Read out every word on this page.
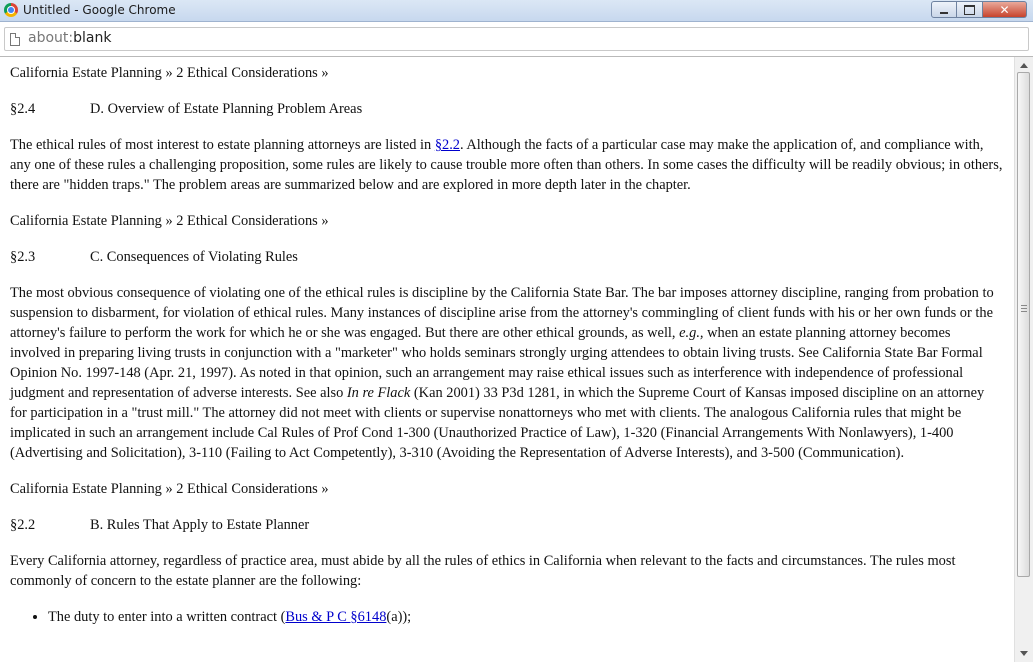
Untitled - Google Chrome	✕
about:blank
California Estate Planning » 2 Ethical Considerations »
§2.4	D. Overview of Estate Planning Problem Areas

The ethical rules of most interest to estate planning attorneys are listed in §2.2. Although the facts of a particular case may make the application of, and compliance with, any one of these rules a challenging proposition, some rules are likely to cause trouble more often than others. In some cases the difficulty will be readily obvious; in others, there are "hidden traps." The problem areas are summarized below and are explored in more depth later in the chapter.

California Estate Planning » 2 Ethical Considerations »
§2.3	C. Consequences of Violating Rules

The most obvious consequence of violating one of the ethical rules is discipline by the California State Bar. The bar imposes attorney discipline, ranging from probation to suspension to disbarment, for violation of ethical rules. Many instances of discipline arise from the attorney's commingling of client funds with his or her own funds or the attorney's failure to perform the work for which he or she was engaged. But there are other ethical grounds, as well, e.g., when an estate planning attorney becomes involved in preparing living trusts in conjunction with a "marketer" who holds seminars strongly urging attendees to obtain living trusts. See California State Bar Formal Opinion No. 1997-148 (Apr. 21, 1997). As noted in that opinion, such an arrangement may raise ethical issues such as interference with independence of professional judgment and representation of adverse interests. See also In re Flack (Kan 2001) 33 P3d 1281, in which the Supreme Court of Kansas imposed discipline on an attorney for participation in a "trust mill." The attorney did not meet with clients or supervise nonattorneys who met with clients. The analogous California rules that might be implicated in such an arrangement include Cal Rules of Prof Cond 1-300 (Unauthorized Practice of Law), 1-320 (Financial Arrangements With Nonlawyers), 1-400 (Advertising and Solicitation), 3-110 (Failing to Act Competently), 3-310 (Avoiding the Representation of Adverse Interests), and 3-500 (Communication).

California Estate Planning » 2 Ethical Considerations »
§2.2	B. Rules That Apply to Estate Planner

Every California attorney, regardless of practice area, must abide by all the rules of ethics in California when relevant to the facts and circumstances. The rules most commonly of concern to the estate planner are the following:

• The duty to enter into a written contract (Bus & P C §6148(a));
